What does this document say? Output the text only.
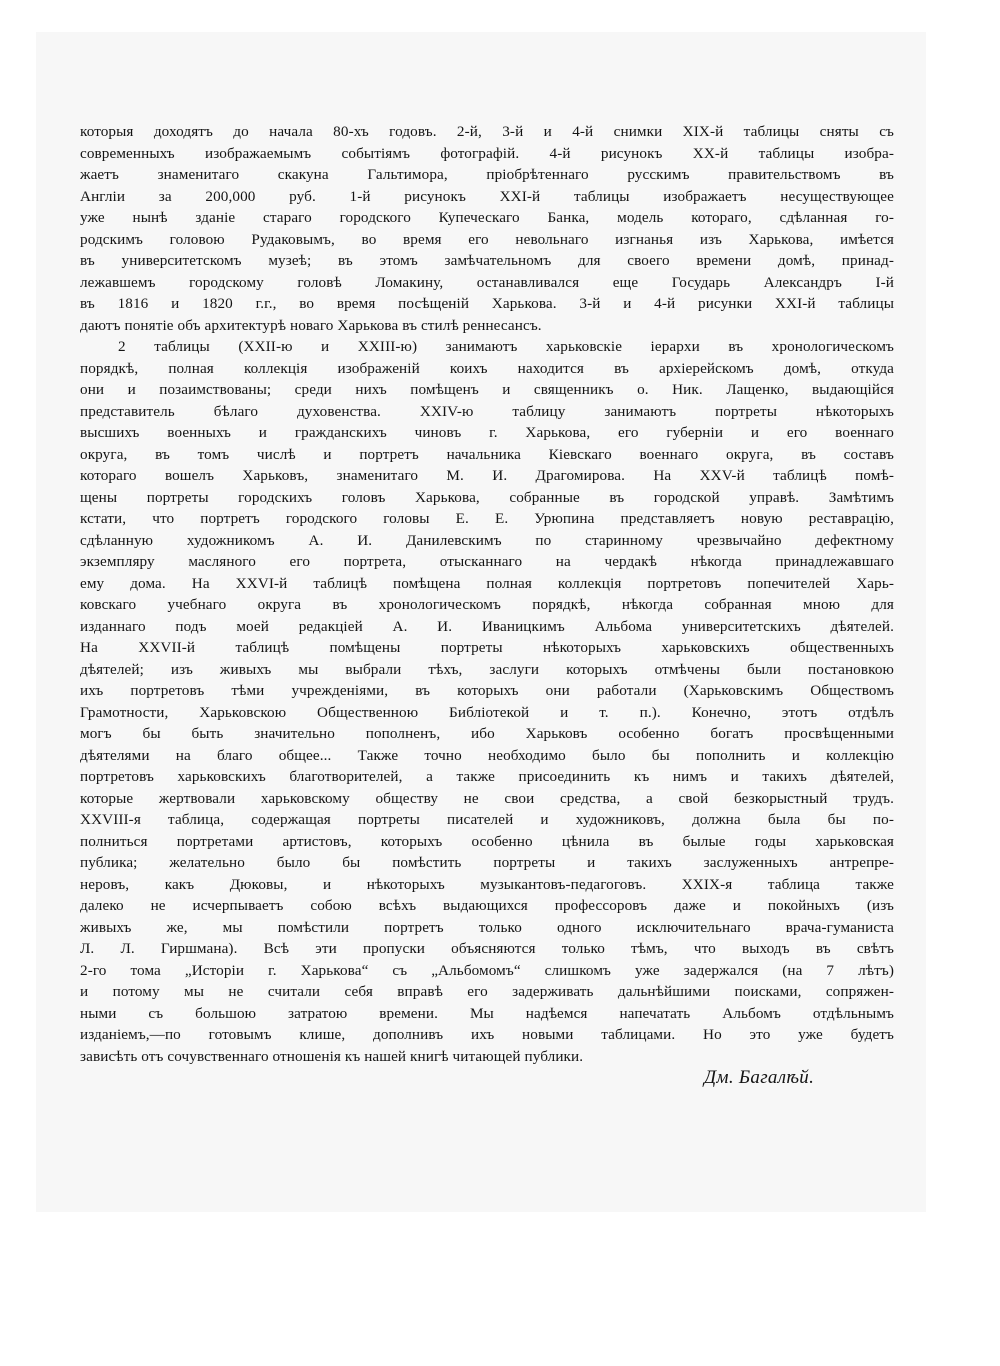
которыя доходятъ до начала 80-хъ годовъ. 2-й, 3-й и 4-й снимки XIX-й таблицы сняты съ
современныхъ изображаемымъ событіямъ фотографій. 4-й рисунокъ XX-й таблицы изобра-
жаетъ знаменитаго скакуна Гальтимора, пріобрѣтеннаго русскимъ правительствомъ въ
Англіи за 200,000 руб. 1-й рисунокъ XXI-й таблицы изображаетъ несуществующее
уже нынѣ зданіе стараго городского Купеческаго Банка, модель котораго, сдѣланная го-
родскимъ головою Рудаковымъ, во время его невольнаго изгнанья изъ Харькова, имѣется
въ университетскомъ музеѣ; въ этомъ замѣчательномъ для своего времени домѣ, принад-
лежавшемъ городскому головѣ Ломакину, останавливался еще Государь Александръ I-й
въ 1816 и 1820 г.г., во время посѣщеній Харькова. 3-й и 4-й рисунки XXI-й таблицы
даютъ понятіе объ архитектурѣ новаго Харькова въ стилѣ реннесансъ.
2 таблицы (XXII-ю и XXIII-ю) занимаютъ харьковскіе іерархи въ хронологическомъ
порядкѣ, полная коллекція изображеній коихъ находится въ архіерейскомъ домѣ, откуда
они и позаимствованы; среди нихъ помѣщенъ и священникъ о. Ник. Лащенко, выдающійся
представитель бѣлаго духовенства. XXIV-ю таблицу занимаютъ портреты нѣкоторыхъ
высшихъ военныхъ и гражданскихъ чиновъ г. Харькова, его губерніи и его военнаго
округа, въ томъ числѣ и портретъ начальника Кіевскаго военнаго округа, въ составъ
котораго вошелъ Харьковъ, знаменитаго М. И. Драгомирова. На XXV-й таблицѣ помѣ-
щены портреты городскихъ головъ Харькова, собранные въ городской управѣ. Замѣтимъ
кстати, что портретъ городского головы Е. Е. Урюпина представляетъ новую реставрацію,
сдѣланную художникомъ А. И. Данилевскимъ по старинному чрезвычайно дефектному
экземпляру масляного его портрета, отысканнаго на чердакѣ нѣкогда принадлежавшаго
ему дома. На XXVI-й таблицѣ помѣщена полная коллекція портретовъ попечителей Харь-
ковскаго учебнаго округа въ хронологическомъ порядкѣ, нѣкогда собранная мною для
изданнаго подъ моей редакціей А. И. Иваницкимъ Альбома университетскихъ дѣятелей.
На XXVII-й таблицѣ помѣщены портреты нѣкоторыхъ харьковскихъ общественныхъ
дѣятелей; изъ живыхъ мы выбрали тѣхъ, заслуги которыхъ отмѣчены были постановкою
ихъ портретовъ тѣми учрежденіями, въ которыхъ они работали (Харьковскимъ Обществомъ
Грамотности, Харьковскою Общественною Библіотекой и т. п.). Конечно, этотъ отдѣлъ
могъ бы быть значительно пополненъ, ибо Харьковъ особенно богатъ просвѣщенными
дѣятелями на благо общее... Также точно необходимо было бы пополнить и коллекцію
портретовъ харьковскихъ благотворителей, а также присоединить къ нимъ и такихъ дѣятелей,
которые жертвовали харьковскому обществу не свои средства, а свой безкорыстный трудъ.
XXVIII-я таблица, содержащая портреты писателей и художниковъ, должна была бы по-
полниться портретами артистовъ, которыхъ особенно цѣнила въ былые годы харьковская
публика; желательно было бы помѣстить портреты и такихъ заслуженныхъ антрепре-
неровъ, какъ Дюковы, и нѣкоторыхъ музыкантовъ-педагоговъ. XXIX-я таблица также
далеко не исчерпываетъ собою всѣхъ выдающихся профессоровъ даже и покойныхъ (изъ
живыхъ же, мы помѣстили портретъ только одного исключительнаго врача-гуманиста
Л. Л. Гиршмана). Всѣ эти пропуски объясняются только тѣмъ, что выходъ въ свѣтъ
2-го тома „Исторіи г. Харькова“ съ „Альбомомъ“ слишкомъ уже задержался (на 7 лѣтъ)
и потому мы не считали себя вправѣ его задерживать дальнѣйшими поисками, сопряжен-
ными съ большою затратою времени. Мы надѣемся напечатать Альбомъ отдѣльнымъ
изданіемъ,—по готовымъ клише, дополнивъ ихъ новыми таблицами. Но это уже будетъ
зависѣть отъ сочувственнаго отношенія къ нашей книгѣ читающей публики.
Дм. Багалѣй.
